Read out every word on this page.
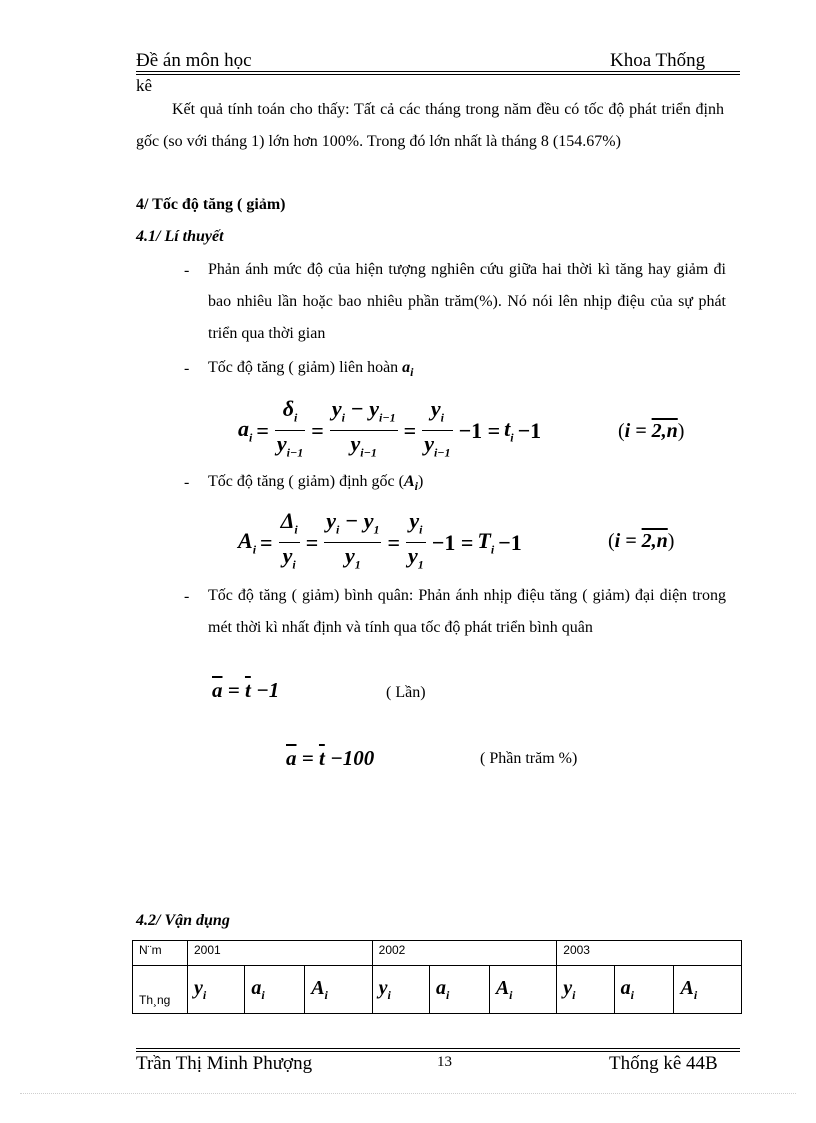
Đề án môn học	Khoa Thống
kê
Kết quả tính toán cho thấy: Tất cả các tháng trong năm đều có tốc độ phát triển định gốc (so với tháng 1) lớn hơn 100%. Trong đó lớn nhất là tháng 8 (154.67%)
4/ Tốc độ tăng ( giảm)
4.1/ Lí thuyết
- Phản ánh mức độ của hiện tượng nghiên cứu giữa hai thời kì tăng hay giảm đi bao nhiêu lần hoặc bao nhiêu phần trăm(%). Nó nói lên nhịp điệu của sự phát triển qua thời gian
- Tốc độ tăng ( giảm) liên hoàn $a_i$
$a_i = \frac{\delta_i}{y_{i-1}} = \frac{y_i - y_{i-1}}{y_{i-1}} = \frac{y_i}{y_{i-1}} -1 = t_i -1$	(i = 2,n)
- Tốc độ tăng ( giảm) định gốc $(A_i)$
$A_i = \frac{\Delta_i}{y_i} = \frac{y_i - y_1}{y_1} = \frac{y_i}{y_1} -1 = T_i -1$	(i = 2,n)
- Tốc độ tăng ( giảm) bình quân: Phản ánh nhịp điệu tăng ( giảm) đại diện trong mét thời kì nhất định và tính qua tốc độ phát triển bình quân
$\overline{a} = \overline{t} -1$	( Lần)
$\overline{a} = \overline{t} -100$	( Phần trăm %)
4.2/ Vận dụng
N¨m	2001			2002			2003		
Th¸ng	$y_i$	$a_i$	$A_i$	$y_i$	$a_i$	$A_i$	$y_i$	$a_i$	$A_i$
Trần Thị Minh Phượng	13	Thống kê 44B
